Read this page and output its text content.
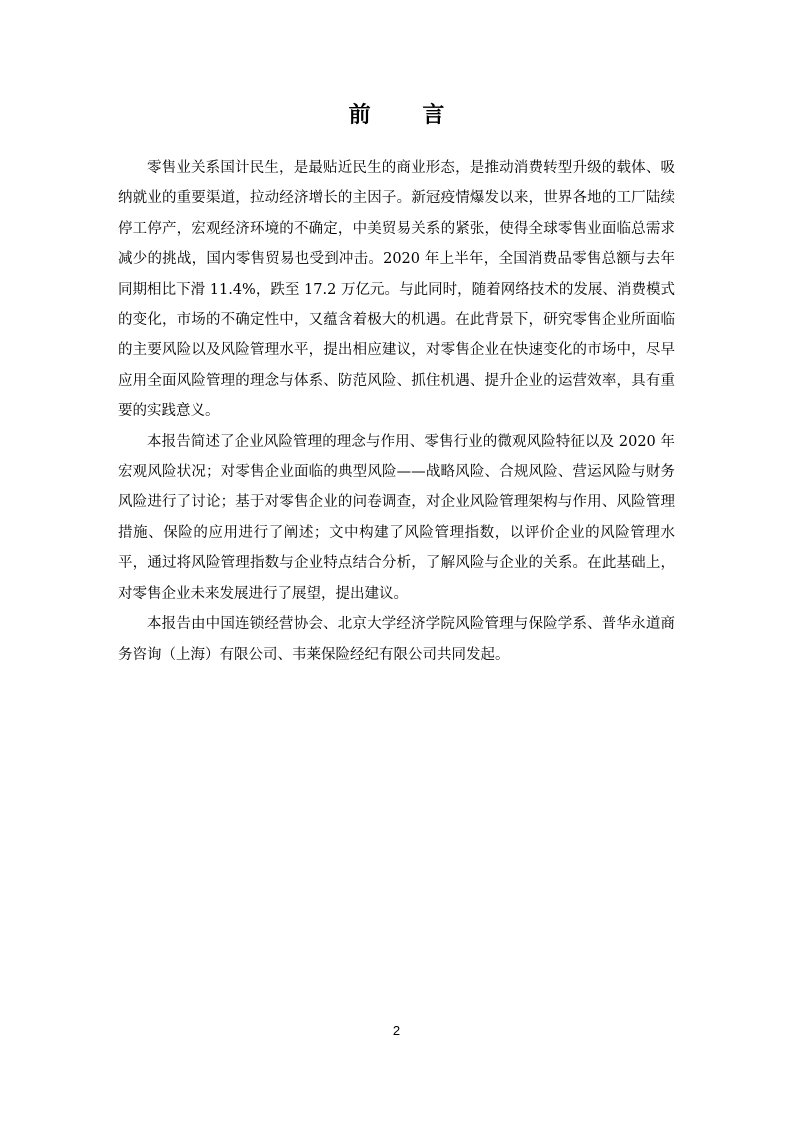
前 言

零售业关系国计民生，是最贴近民生的商业形态，是推动消费转型升级的载体、吸纳就业的重要渠道，拉动经济增长的主因子。新冠疫情爆发以来，世界各地的工厂陆续停工停产，宏观经济环境的不确定，中美贸易关系的紧张，使得全球零售业面临总需求减少的挑战，国内零售贸易也受到冲击。2020 年上半年，全国消费品零售总额与去年同期相比下滑 11.4%，跌至 17.2 万亿元。与此同时，随着网络技术的发展、消费模式的变化，市场的不确定性中，又蕴含着极大的机遇。在此背景下，研究零售企业所面临的主要风险以及风险管理水平，提出相应建议，对零售企业在快速变化的市场中，尽早应用全面风险管理的理念与体系、防范风险、抓住机遇、提升企业的运营效率，具有重要的实践意义。

本报告简述了企业风险管理的理念与作用、零售行业的微观风险特征以及 2020 年宏观风险状况；对零售企业面临的典型风险——战略风险、合规风险、营运风险与财务风险进行了讨论；基于对零售企业的问卷调查，对企业风险管理架构与作用、风险管理措施、保险的应用进行了阐述；文中构建了风险管理指数，以评价企业的风险管理水平，通过将风险管理指数与企业特点结合分析，了解风险与企业的关系。在此基础上，对零售企业未来发展进行了展望，提出建议。

本报告由中国连锁经营协会、北京大学经济学院风险管理与保险学系、普华永道商务咨询（上海）有限公司、韦莱保险经纪有限公司共同发起。

2
